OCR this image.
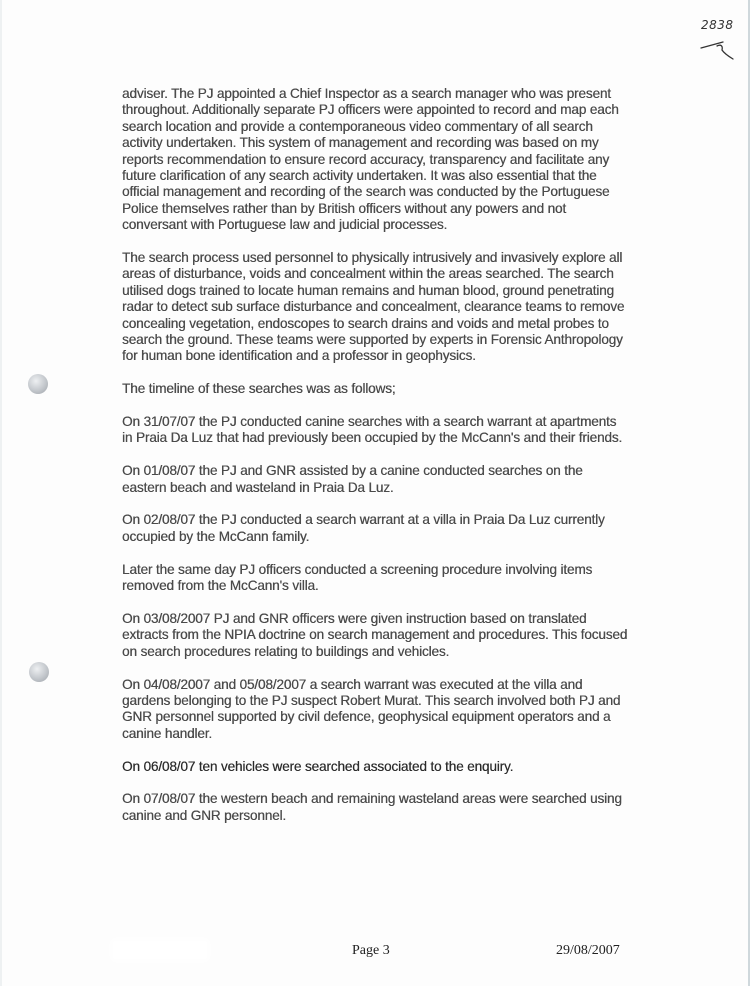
2838

adviser. The PJ appointed a Chief Inspector as a search manager who was present throughout. Additionally separate PJ officers were appointed to record and map each search location and provide a contemporaneous video commentary of all search activity undertaken. This system of management and recording was based on my reports recommendation to ensure record accuracy, transparency and facilitate any future clarification of any search activity undertaken. It was also essential that the official management and recording of the search was conducted by the Portuguese Police themselves rather than by British officers without any powers and not conversant with Portuguese law and judicial processes.

The search process used personnel to physically intrusively and invasively explore all areas of disturbance, voids and concealment within the areas searched. The search utilised dogs trained to locate human remains and human blood, ground penetrating radar to detect sub surface disturbance and concealment, clearance teams to remove concealing vegetation, endoscopes to search drains and voids and metal probes to search the ground. These teams were supported by experts in Forensic Anthropology for human bone identification and a professor in geophysics.

The timeline of these searches was as follows;

On 31/07/07 the PJ conducted canine searches with a search warrant at apartments in Praia Da Luz that had previously been occupied by the McCann's and their friends.

On 01/08/07 the PJ and GNR assisted by a canine conducted searches on the eastern beach and wasteland in Praia Da Luz.

On 02/08/07 the PJ conducted a search warrant at a villa in Praia Da Luz currently occupied by the McCann family.

Later the same day PJ officers conducted a screening procedure involving items removed from the McCann's villa.

On 03/08/2007 PJ and GNR officers were given instruction based on translated extracts from the NPIA doctrine on search management and procedures. This focused on search procedures relating to buildings and vehicles.

On 04/08/2007 and 05/08/2007 a search warrant was executed at the villa and gardens belonging to the PJ suspect Robert Murat. This search involved both PJ and GNR personnel supported by civil defence, geophysical equipment operators and a canine handler.

On 06/08/07 ten vehicles were searched associated to the enquiry.

On 07/08/07 the western beach and remaining wasteland areas were searched using canine and GNR personnel.

Page 3	29/08/2007
